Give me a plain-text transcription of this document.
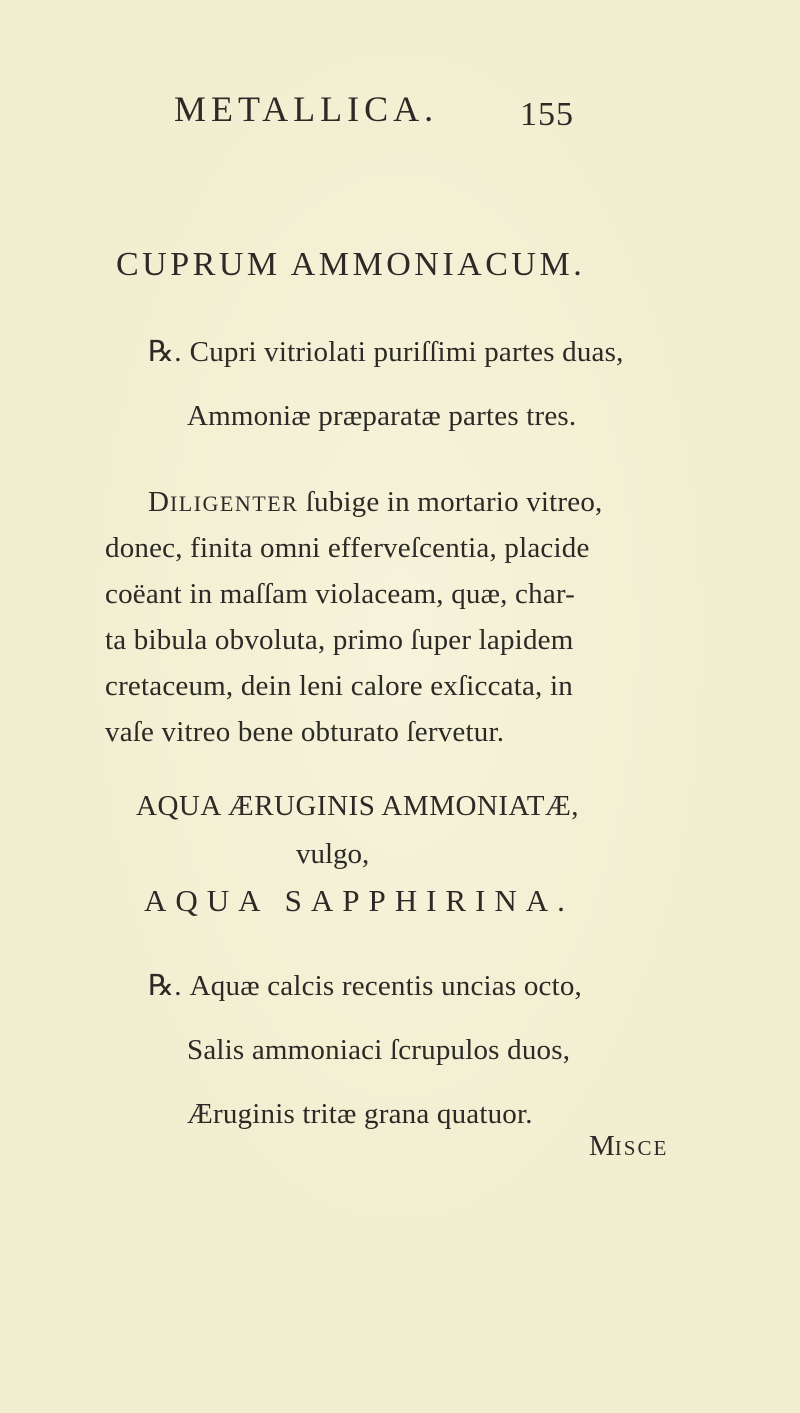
METALLICA. 155
CUPRUM AMMONIACUM.
℞. Cupri vitriolati puriſſimi partes duas,
Ammoniæ præparatæ partes tres.
DILIGENTER ſubige in mortario vitreo,
donec, finita omni efferveſcentia, placide
coëant in maſſam violaceam, quæ, char-
ta bibula obvoluta, primo ſuper lapidem
cretaceum, dein leni calore exſiccata, in
vaſe vitreo bene obturato ſervetur.
AQUA ÆRUGINIS AMMONIATÆ,
vulgo,
AQUA SAPPHIRINA.
℞. Aquæ calcis recentis uncias octo,
Salis ammoniaci ſcrupulos duos,
Æruginis tritæ grana quatuor.
MISCE
